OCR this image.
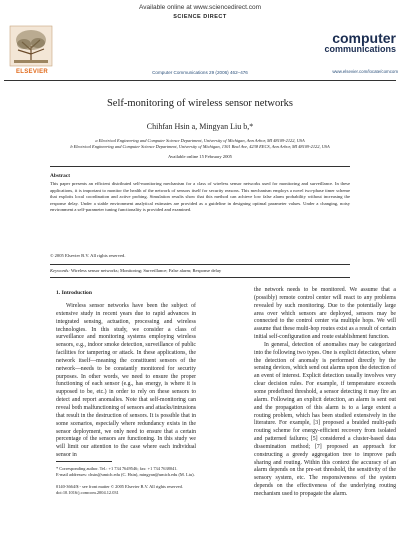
Available online at www.sciencedirect.com
SCIENCE DIRECT
ELSEVIER	Computer Communications 29 (2006) 462–476
computer
communications
www.elsevier.com/locate/comcom
Self-monitoring of wireless sensor networks
Chihfan Hsin a, Mingyan Liu b,*
a Electrical Engineering and Computer Science Department, University of Michigan, Ann Arbor, MI 48109-2122, USA
b Electrical Engineering and Computer Science Department, University of Michigan, 1301 Beal Ave, 4238 EECS, Ann Arbor, MI 48109-2122, USA
Available online 15 February 2005
Abstract
This paper presents an efficient distributed self-monitoring mechanism for a class of wireless sensor networks used for monitoring and surveillance. In these applications, it is important to monitor the health of the network of sensors itself for security reasons. This mechanism employs a novel two-phase timer scheme that exploits local coordination and active probing. Simulation results show that this method can achieve low false alarm probability without increasing the response delay. Under a stable environment analytical estimates are provided as a guideline in designing optimal parameter values. Under a changing, noisy environment a self-parameter tuning functionality is provided and examined.
© 2005 Elsevier B.V. All rights reserved.
Keywords: Wireless sensor networks; Monitoring; Surveillance; False alarm; Response delay
1. Introduction

Wireless sensor networks have been the subject of extensive study in recent years due to rapid advances in integrated sensing, actuation, processing and wireless technologies. In this study, we consider a class of surveillance and monitoring systems employing wireless sensors, e.g., indoor smoke detection, surveillance of public facilities for tampering or attack. In these applications, the network itself—meaning the constituent sensors of the network—needs to be constantly monitored for security purposes. In other words, we need to ensure the proper functioning of each sensor (e.g., has energy, is where it is supposed to be, etc.) in order to rely on these sensors to detect and report anomalies. Note that self-monitoring can reveal both malfunctioning of sensors and attacks/intrusions that result in the destruction of sensors. It is possible that in some scenarios, especially where redundancy exists in the sensor deployment, we only need to ensure that a certain percentage of the sensors are functioning. In this study we will limit our attention to the case where each individual sensor in

the network needs to be monitored. We assume that a (possibly) remote control center will react to any problems revealed by such monitoring. Due to the potentially large area over which sensors are deployed, sensors may be connected to the control center via multiple hops. We will assume that these multi-hop routes exist as a result of certain initial self-configuration and route establishment function.

In general, detection of anomalies may be categorized into the following two types. One is explicit detection, where the detection of anomaly is performed directly by the sensing devices, which send out alarms upon the detection of an event of interest. Explicit detection usually involves very clear decision rules. For example, if temperature exceeds some predefined threshold, a sensor detecting it may fire an alarm. Following an explicit detection, an alarm is sent out and the propagation of this alarm is to a large extent a routing problem, which has been studied extensively in the literature. For example, [3] proposed a braided multi-path routing scheme for energy-efficient recovery from isolated and patterned failures; [5] considered a cluster-based data dissemination method; [7] proposed an approach for constructing a greedy aggregation tree to improve path sharing and routing. Within this context the accuracy of an alarm depends on the pre-set threshold, the sensitivity of the sensory system, etc. The responsiveness of the system depends on the effectiveness of the underlying routing mechanism used to propagate the alarm.

* Corresponding author. Tel.: +1 734 7649546; fax: +1 734 7638041.
E-mail addresses: chsin@umich.edu (C. Hsin), mingyan@umich.edu (M. Liu).
0140-3664/$ - see front matter © 2005 Elsevier B.V. All rights reserved.
doi:10.1016/j.comcom.2004.12.031
